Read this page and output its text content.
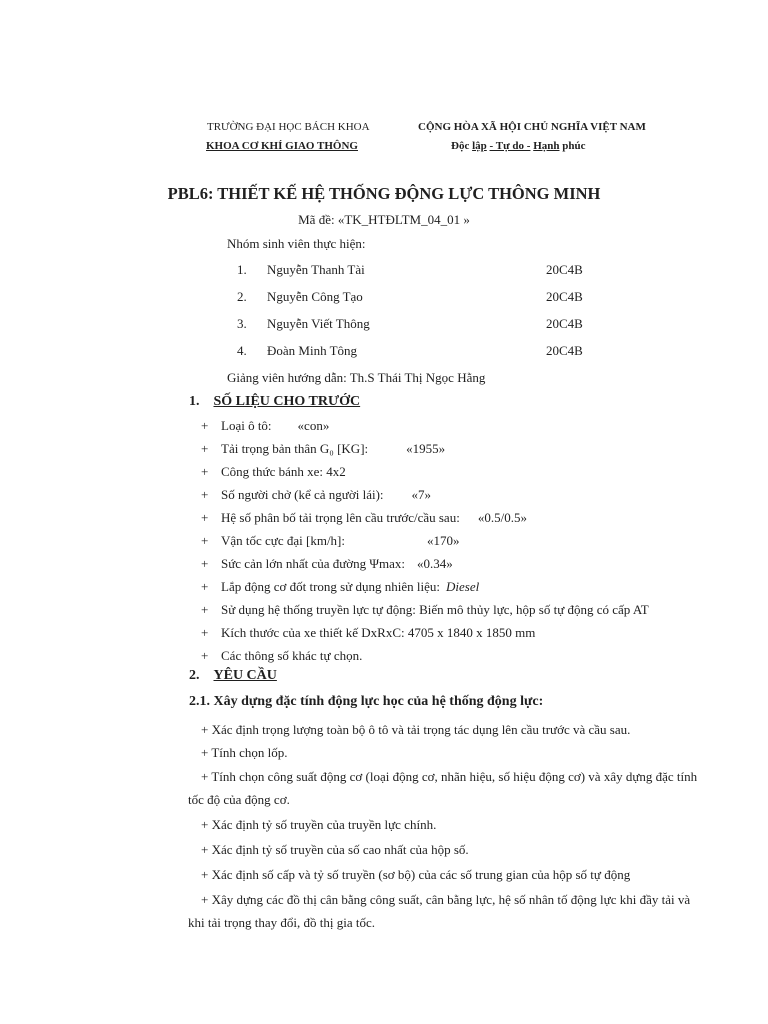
TRƯỜNG ĐẠI HỌC BÁCH KHOA
KHOA CƠ KHÍ GIAO THÔNG
CỘNG HÒA XÃ HỘI CHỦ NGHĨA VIỆT NAM
Độc lập - Tự do - Hạnh phúc
PBL6: THIẾT KẾ HỆ THỐNG ĐỘNG LỰC THÔNG MINH
Mã đề: «TK_HTĐLTM_04_01 »
Nhóm sinh viên thực hiện:
1. Nguyễn Thanh Tài	20C4B
2. Nguyễn Công Tạo	20C4B
3. Nguyễn Viết Thông	20C4B
4. Đoàn Minh Tông	20C4B
Giảng viên hướng dẫn: Th.S Thái Thị Ngọc Hằng
1. SỐ LIỆU CHO TRƯỚC
+ Loại ô tô: «con»
+ Tải trọng bản thân G₀ [KG]:	«1955»
+ Công thức bánh xe: 4x2
+ Số người chở (kể cả người lái): «7»
+ Hệ số phân bố tải trọng lên cầu trước/cầu sau: «0.5/0.5»
+ Vận tốc cực đại [km/h]:	«170»
+ Sức cản lớn nhất của đường Ψmax: «0.34»
+ Lắp động cơ đốt trong sử dụng nhiên liệu: Diesel
+ Sử dụng hệ thống truyền lực tự động: Biến mô thủy lực, hộp số tự động có cấp AT
+ Kích thước của xe thiết kế DxRxC: 4705 x 1840 x 1850 mm
+ Các thông số khác tự chọn.
2. YÊU CẦU
2.1. Xây dựng đặc tính động lực học của hệ thống động lực:
+ Xác định trọng lượng toàn bộ ô tô và tải trọng tác dụng lên cầu trước và cầu sau.
+ Tính chọn lốp.
+ Tính chọn công suất động cơ (loại động cơ, nhãn hiệu, số hiệu động cơ) và xây dựng đặc tính
tốc độ của động cơ.
+ Xác định tỷ số truyền của truyền lực chính.
+ Xác định tỷ số truyền của số cao nhất của hộp số.
+ Xác định số cấp và tỷ số truyền (sơ bộ) của các số trung gian của hộp số tự động
+ Xây dựng các đồ thị cân bằng công suất, cân bằng lực, hệ số nhân tố động lực khi đầy tải và
khi tải trọng thay đổi, đồ thị gia tốc.
